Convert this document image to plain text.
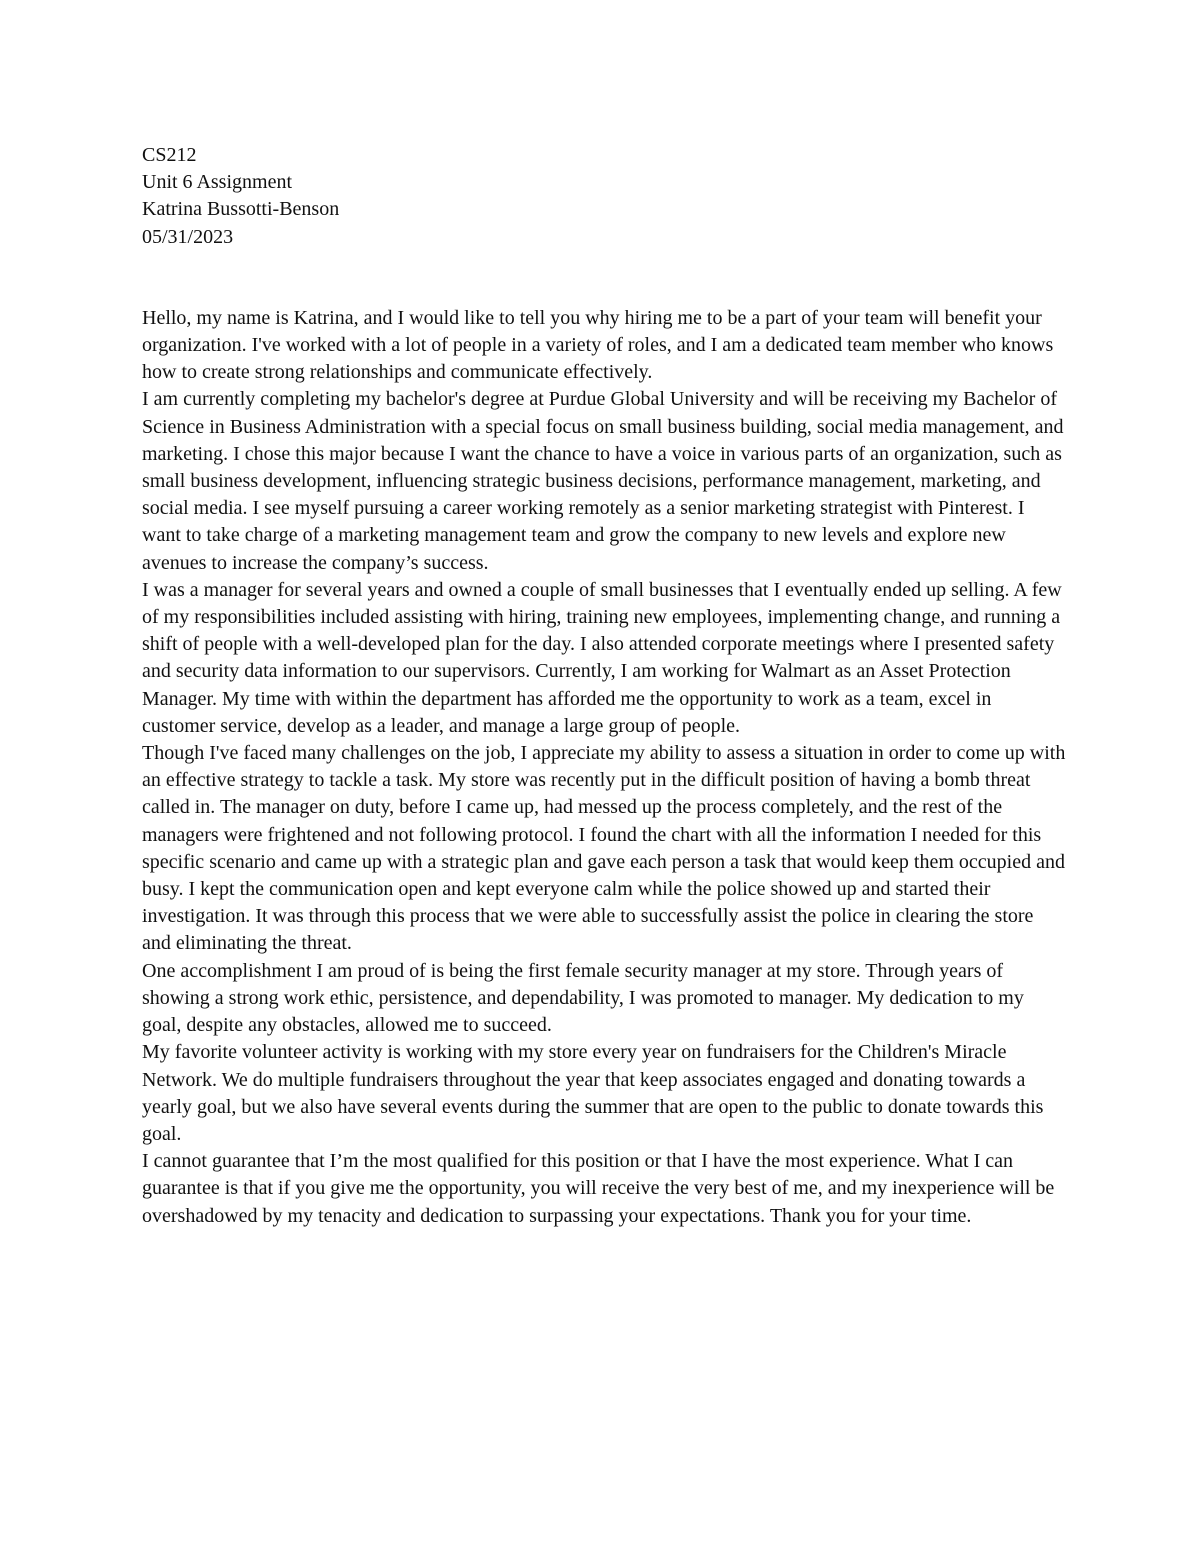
CS212

Unit 6 Assignment

Katrina Bussotti-Benson

05/31/2023

Hello, my name is Katrina, and I would like to tell you why hiring me to be a part of your team will benefit your organization. I've worked with a lot of people in a variety of roles, and I am a dedicated team member who knows how to create strong relationships and communicate effectively.

I am currently completing my bachelor's degree at Purdue Global University and will be receiving my Bachelor of Science in Business Administration with a special focus on small business building, social media management, and marketing. I chose this major because I want the chance to have a voice in various parts of an organization, such as small business development, influencing strategic business decisions, performance management, marketing, and social media. I see myself pursuing a career working remotely as a senior marketing strategist with Pinterest. I want to take charge of a marketing management team and grow the company to new levels and explore new avenues to increase the company’s success.

I was a manager for several years and owned a couple of small businesses that I eventually ended up selling. A few of my responsibilities included assisting with hiring, training new employees, implementing change, and running a shift of people with a well-developed plan for the day. I also attended corporate meetings where I presented safety and security data information to our supervisors. Currently, I am working for Walmart as an Asset Protection Manager. My time with within the department has afforded me the opportunity to work as a team, excel in customer service, develop as a leader, and manage a large group of people.

Though I've faced many challenges on the job, I appreciate my ability to assess a situation in order to come up with an effective strategy to tackle a task. My store was recently put in the difficult position of having a bomb threat called in. The manager on duty, before I came up, had messed up the process completely, and the rest of the managers were frightened and not following protocol. I found the chart with all the information I needed for this specific scenario and came up with a strategic plan and gave each person a task that would keep them occupied and busy. I kept the communication open and kept everyone calm while the police showed up and started their investigation. It was through this process that we were able to successfully assist the police in clearing the store and eliminating the threat.

One accomplishment I am proud of is being the first female security manager at my store. Through years of showing a strong work ethic, persistence, and dependability, I was promoted to manager. My dedication to my goal, despite any obstacles, allowed me to succeed.

My favorite volunteer activity is working with my store every year on fundraisers for the Children's Miracle Network. We do multiple fundraisers throughout the year that keep associates engaged and donating towards a yearly goal, but we also have several events during the summer that are open to the public to donate towards this goal.

I cannot guarantee that I’m the most qualified for this position or that I have the most experience. What I can guarantee is that if you give me the opportunity, you will receive the very best of me, and my inexperience will be overshadowed by my tenacity and dedication to surpassing your expectations. Thank you for your time.
